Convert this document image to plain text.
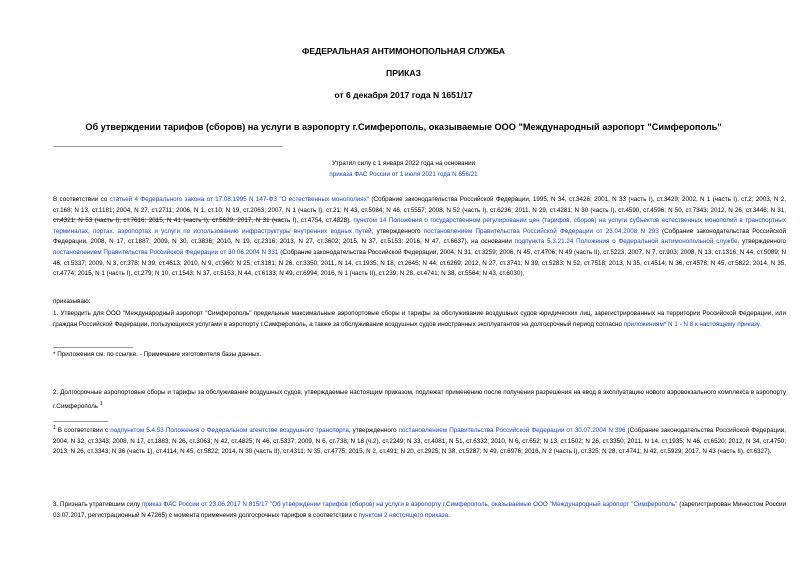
ФЕДЕРАЛЬНАЯ АНТИМОНОПОЛЬНАЯ СЛУЖБА
ПРИКАЗ
от 6 декабря 2017 года N 1651/17
Об утверждении тарифов (сборов) на услуги в аэропорту г.Симферополь, оказываемые ООО "Международный аэропорт "Симферополь"
Утратил силу с 1 января 2022 года на основании
приказа ФАС России от 1 июля 2021 года N 656/21
В соответствии со статьей 4 Федерального закона от 17.08.1995 N 147-ФЗ "О естественных монополиях" (Собрание законодательства Российской Федерации, 1995, N 34, ст.3426; 2001, N 33 (часть I), ст.3429; 2002, N 1 (часть I), ст.2; 2003, N 2, ст.168; N 13, ст.1181; 2004, N 27, ст.2711; 2006, N 1, ст.10; N 19, ст.2063; 2007, N 1 (часть I), ст.21; N 43, ст.5084; N 46, ст.5557; 2008, N 52 (часть I), ст.6236; 2011, N 29, ст.4281; N 30 (часть I), ст.4590, ст.4596; N 50, ст.7343; 2012, N 26, ст.3446; N 31, ст.4321; N 53 (часть I), ст.7616; 2015, N 41 (часть I), ст.5629; 2017, N 31 (часть I), ст.4754, ст.4828), пунктом 14 Положения о государственном регулировании цен (тарифов, сборов) на услуги субъектов естественных монополий в транспортных терминалах, портах, аэропортах и услуги по использованию инфраструктуры внутренних водных путей, утвержденного постановлением Правительства Российской Федерации от 23.04.2008 N 293 (Собрание законодательства Российской Федерации, 2008, N 17, ст.1887; 2009, N 30, ст.3836; 2010, N 19, ст.2316; 2013, N 27, ст.3602; 2015, N 37, ст.5153; 2016, N 47, ст.6637), на основании подпункта 5.3.21.24 Положения о Федеральной антимонопольной службе, утвержденного постановлением Правительства Российской Федерации от 30.06.2004 N 331 (Собрание законодательства Российской Федерации, 2004, N 31, ст.3259; 2006, N 45, ст.4706; N 49 (часть II), ст.5223; 2007, N 7, ст.903; 2008, N 13, ст.1316; N 44, ст.5089; N 46, ст.5337; 2009, N 3, ст.378; N 39, ст.4613; 2010, N 9, ст.960; N 25, ст.3181; N 26, ст.3350; 2011, N 14, ст.1935; N 18, ст.2645; N 44, ст.6269; 2012, N 27, ст.3741; N 39, ст.5283; N 52, ст.7518; 2013, N 35, ст.4514; N 36, ст.4578; N 45, ст.5822; 2014, N 35, ст.4774; 2015, N 1 (часть I), ст.279; N 10, ст.1543; N 37, ст.5153; N 44, ст.6133; N 49, ст.6994; 2016, N 1 (часть II), ст.239; N 28, ст.4741; N 38, ст.5564; N 43, ст.6030),
приказываю:
1. Утвердить для ООО "Международный аэропорт "Симферополь" предельные максимальные аэропортовые сборы и тарифы за обслуживание воздушных судов юридических лиц, зарегистрированных на территории Российской Федерации, или граждан Российской Федерации, пользующихся услугами в аэропорту г.Симферополь, а также за обслуживание воздушных судов иностранных эксплуатантов на долгосрочный период согласно приложениям* N 1 - N 8 к настоящему приказу.
* Приложения см. по ссылке. - Примечание изготовителя базы данных.
2. Долгосрочные аэропортовые сборы и тарифы за обслуживание воздушных судов, утверждаемые настоящим приказом, подлежат применению после получения разрешения на ввод в эксплуатацию нового аэровокзального комплекса в аэропорту г.Симферополь $^1$
$^1$ В соответствии с подпунктом 5.4.53 Положения о Федеральном агентстве воздушного транспорта, утвержденного постановлением Правительства Российской Федерации от 30.07.2004 N 396 (Собрание законодательства Российской Федерации, 2004, N 32, ст.3343; 2008, N 17, ст.1883; N 26, ст.3063; N 42, ст.4825; N 46, ст.5337; 2009, N 6, ст.738; N 18 (ч.2), ст.2249; N 33, ст.4081; N 51, ст.6332; 2010, N 6, ст.652; N 13, ст.1502; N 26, ст.3350; 2011, N 14, ст.1935; N 46, ст.6520; 2012, N 34, ст.4750; 2013, N 26, ст.3343; N 36 (часть 1), ст.4114; N 45, ст.5822; 2014, N 30 (часть II), ст.4311; N 35, ст.4775; 2015, N 2, ст.491; N 20, ст.2925; N 38, ст.5287; N 49, ст.6976; 2016, N 2 (часть I), ст.325; N 28, ст.4741; N 42, ст.5929; 2017, N 43 (часть II), ст.6327).
3. Признать утратившим силу приказ ФАС России от 23.06.2017 N 815/17 "Об утверждении тарифов (сборов) на услуги в аэропорту г.Симферополь, оказываемые ООО "Международный аэропорт "Симферополь" (зарегистрирован Минюстом России 03.07.2017, регистрационный N 47265) с момента применения долгосрочных тарифов в соответствии с пунктом 2 настоящего приказа.
